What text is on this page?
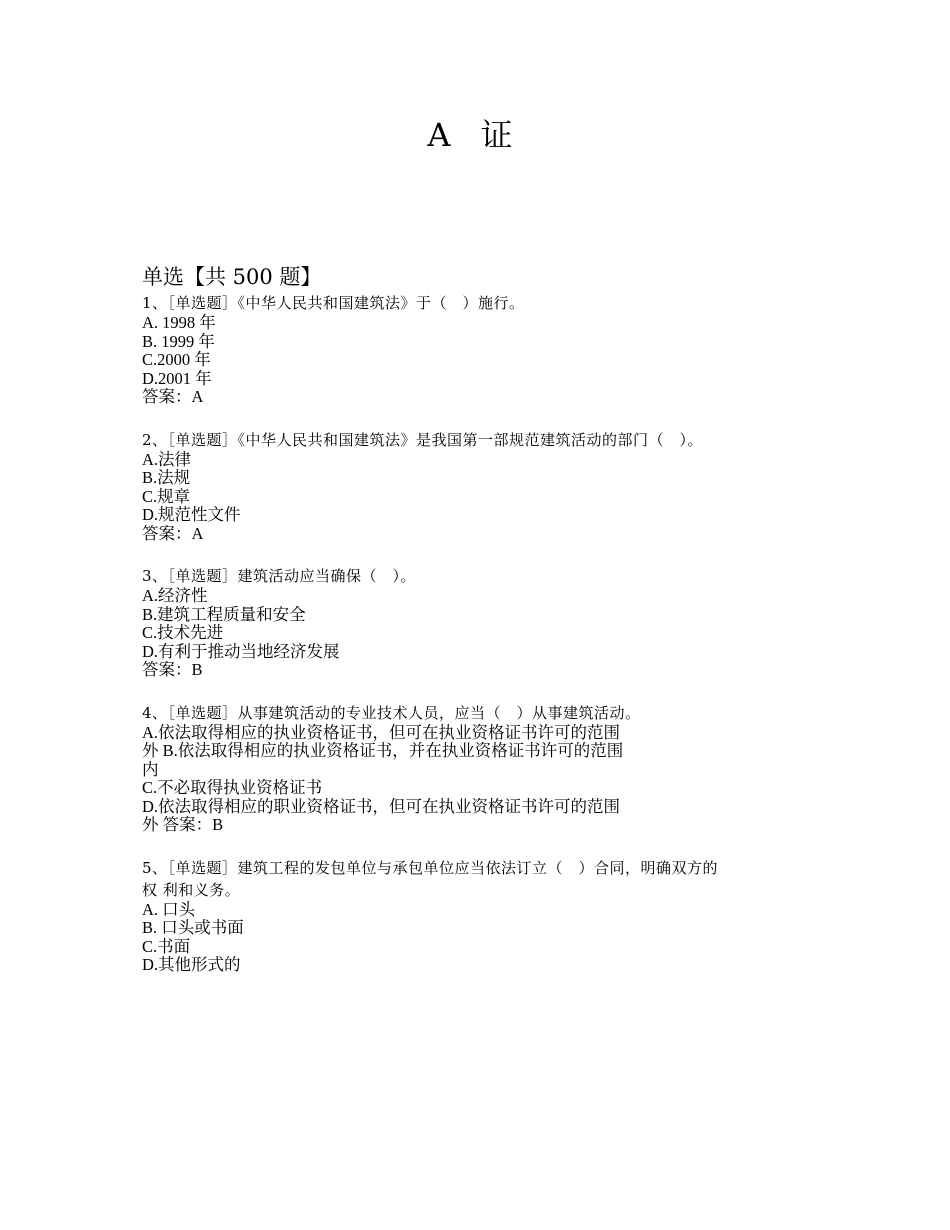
A 证
单选【共 500 题】
1、［单选题］《中华人民共和国建筑法》于（　）施行。
A. 1998 年
B. 1999 年
C.2000 年
D.2001 年
答案：A
2、［单选题］《中华人民共和国建筑法》是我国第一部规范建筑活动的部门（　）。
A.法律
B.法规
C.规章
D.规范性文件
答案：A
3、［单选题］建筑活动应当确保（　）。
A.经济性
B.建筑工程质量和安全
C.技术先进
D.有利于推动当地经济发展
答案：B
4、［单选题］从事建筑活动的专业技术人员，应当（　）从事建筑活动。
A.依法取得相应的执业资格证书，但可在执业资格证书许可的范围
外 B.依法取得相应的执业资格证书，并在执业资格证书许可的范围
内
C.不必取得执业资格证书
D.依法取得相应的职业资格证书，但可在执业资格证书许可的范围
外 答案：B
5、［单选题］建筑工程的发包单位与承包单位应当依法订立（　）合同，明确双方的
权 利和义务。
A. 口头
B. 口头或书面
C.书面
D.其他形式的
